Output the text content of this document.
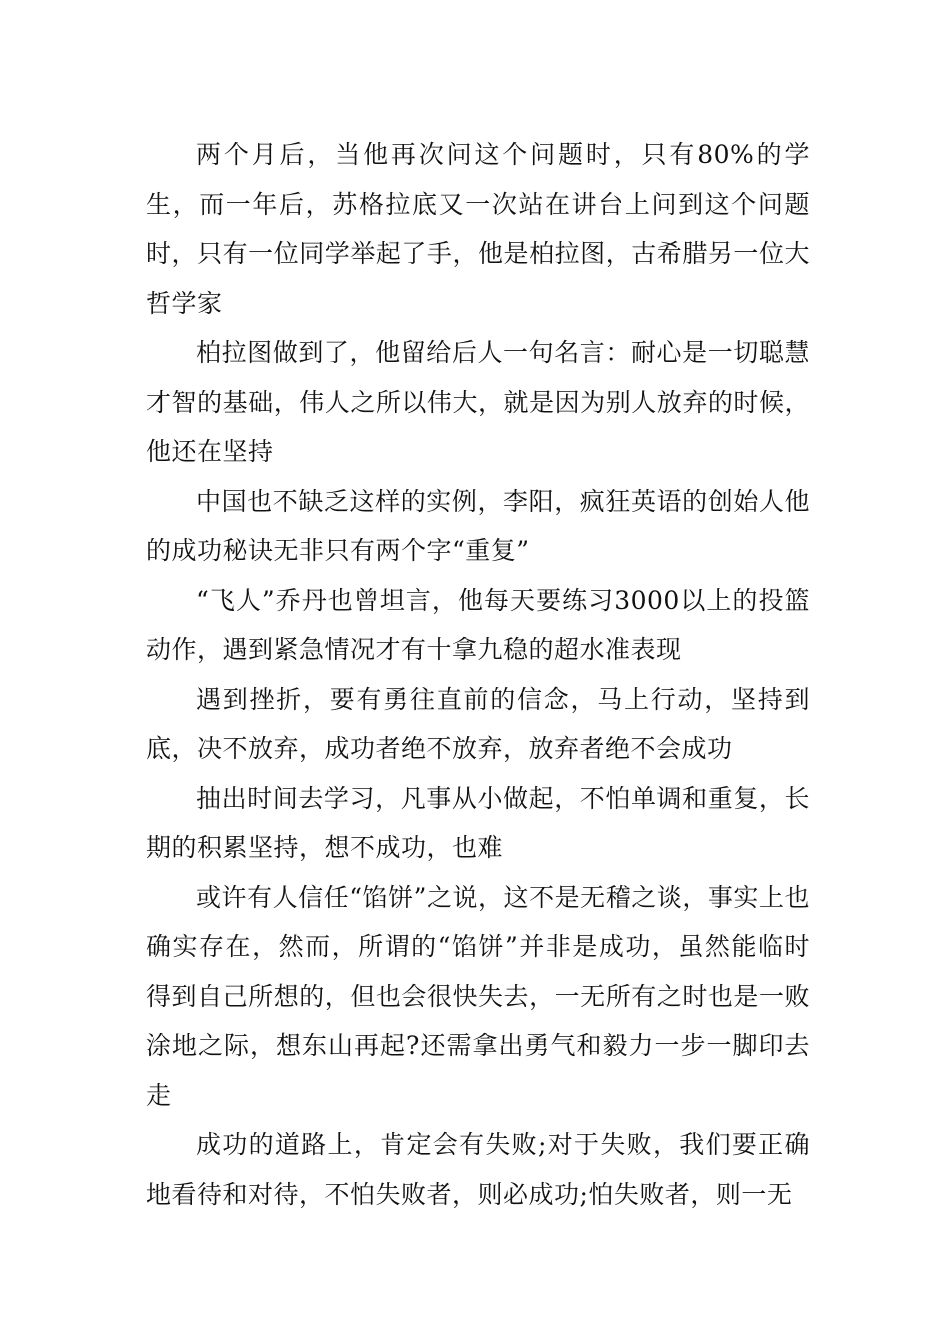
两个月后，当他再次问这个问题时，只有80%的学生，而一年后，苏格拉底又一次站在讲台上问到这个问题时，只有一位同学举起了手，他是柏拉图，古希腊另一位大哲学家

柏拉图做到了，他留给后人一句名言：耐心是一切聪慧才智的基础，伟人之所以伟大，就是因为别人放弃的时候，他还在坚持

中国也不缺乏这样的实例，李阳，疯狂英语的创始人他的成功秘诀无非只有两个字“重复”

“飞人”乔丹也曾坦言，他每天要练习3000以上的投篮动作，遇到紧急情况才有十拿九稳的超水准表现

遇到挫折，要有勇往直前的信念，马上行动，坚持到底，决不放弃，成功者绝不放弃，放弃者绝不会成功

抽出时间去学习，凡事从小做起，不怕单调和重复，长期的积累坚持，想不成功，也难

或许有人信任“馅饼”之说，这不是无稽之谈，事实上也确实存在，然而，所谓的“馅饼”并非是成功，虽然能临时得到自己所想的，但也会很快失去，一无所有之时也是一败涂地之际，想东山再起?还需拿出勇气和毅力一步一脚印去走

成功的道路上，肯定会有失败;对于失败，我们要正确地看待和对待，不怕失败者，则必成功;怕失败者，则一无
